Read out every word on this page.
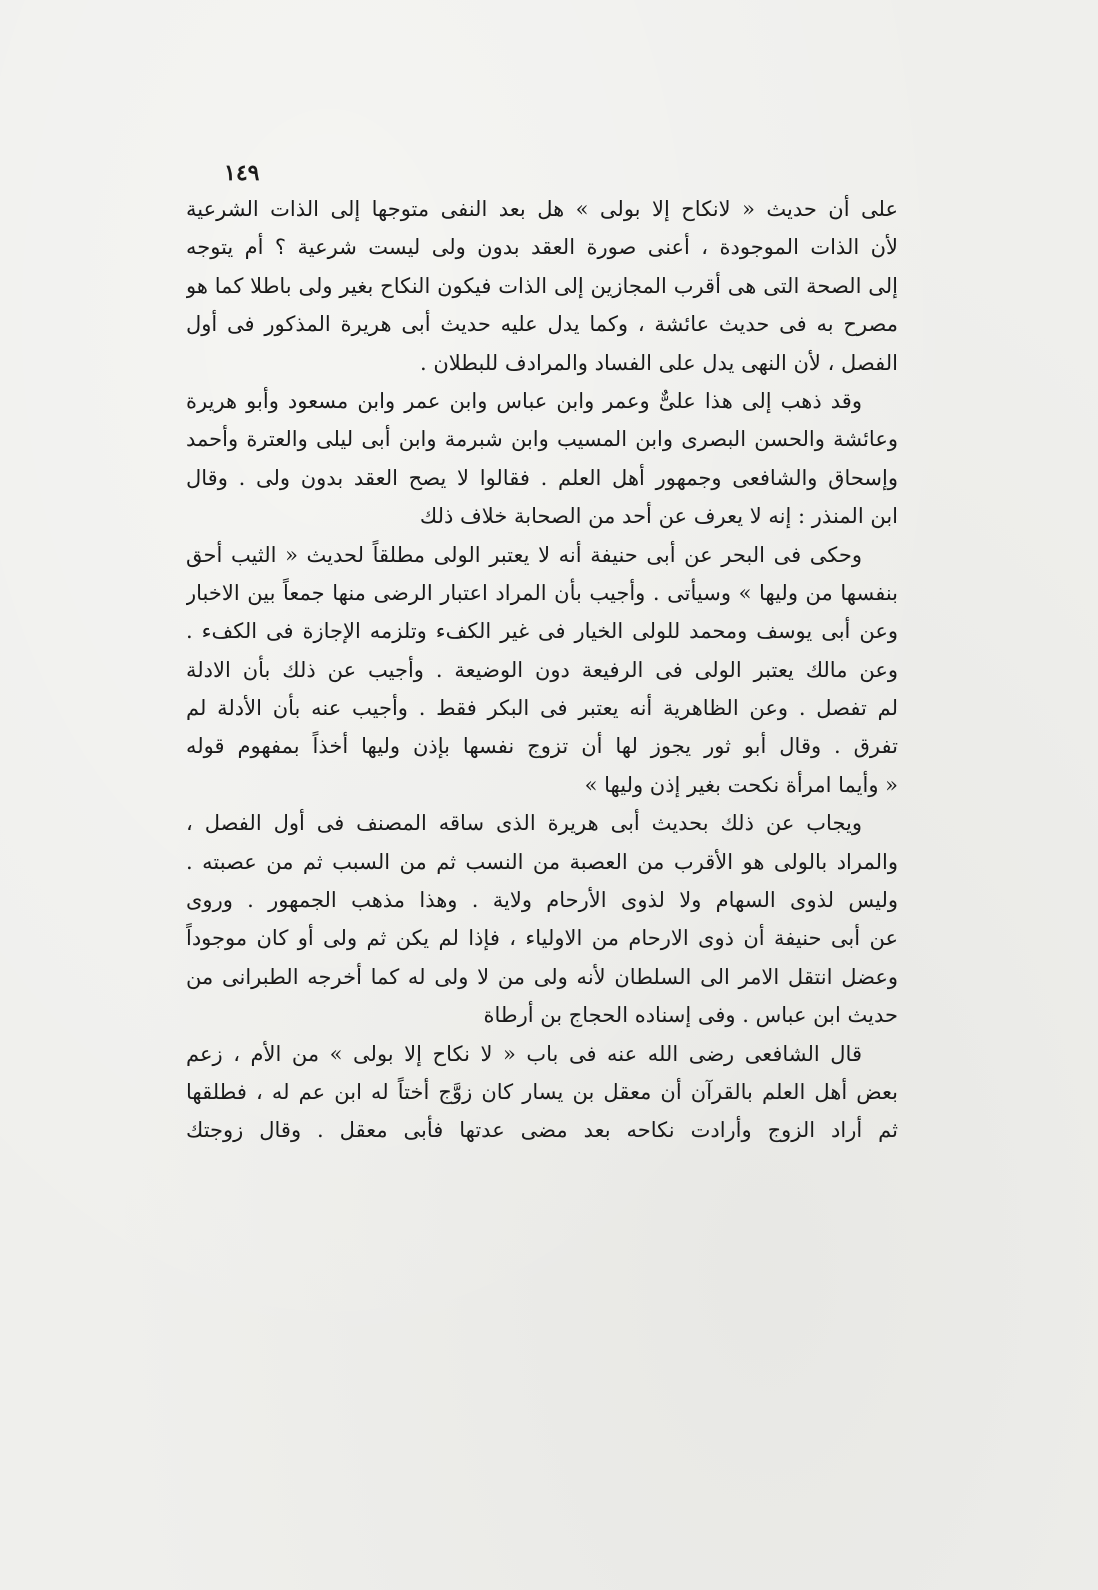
١٤٩
على أن حديث « لانكاح إلا بولى » هل بعد النفى متوجها إلى الذات الشرعية
لأن الذات الموجودة ، أعنى صورة العقد بدون ولى ليست شرعية ؟ أم يتوجه
إلى الصحة التى هى أقرب المجازين إلى الذات فيكون النكاح بغير ولى باطلا كما هو
مصرح به فى حديث عائشة ، وكما يدل عليه حديث أبى هريرة المذكور فى أول
الفصل ، لأن النهى يدل على الفساد والمرادف للبطلان .
وقد ذهب إلى هذا علىٌّ وعمر وابن عباس وابن عمر وابن مسعود وأبو هريرة
وعائشة والحسن البصرى وابن المسيب وابن شبرمة وابن أبى ليلى والعترة وأحمد
وإسحاق والشافعى وجمهور أهل العلم . فقالوا لا يصح العقد بدون ولى . وقال
ابن المنذر : إنه لا يعرف عن أحد من الصحابة خلاف ذلك
وحكى فى البحر عن أبى حنيفة أنه لا يعتبر الولى مطلقاً لحديث « الثيب أحق
بنفسها من وليها » وسيأتى . وأجيب بأن المراد اعتبار الرضى منها جمعاً بين الاخبار
وعن أبى يوسف ومحمد للولى الخيار فى غير الكفء وتلزمه الإجازة فى الكفء .
وعن مالك يعتبر الولى فى الرفيعة دون الوضيعة . وأجيب عن ذلك بأن الادلة
لم تفصل . وعن الظاهرية أنه يعتبر فى البكر فقط . وأجيب عنه بأن الأدلة لم
تفرق . وقال أبو ثور يجوز لها أن تزوج نفسها بإذن وليها أخذاً بمفهوم قوله
« وأيما امرأة نكحت بغير إذن وليها »
ويجاب عن ذلك بحديث أبى هريرة الذى ساقه المصنف فى أول الفصل ،
والمراد بالولى هو الأقرب من العصبة من النسب ثم من السبب ثم من عصبته .
وليس لذوى السهام ولا لذوى الأرحام ولاية . وهذا مذهب الجمهور . وروى
عن أبى حنيفة أن ذوى الارحام من الاولياء ، فإذا لم يكن ثم ولى أو كان موجوداً
وعضل انتقل الامر الى السلطان لأنه ولى من لا ولى له كما أخرجه الطبرانى من
حديث ابن عباس . وفى إسناده الحجاج بن أرطاة
قال الشافعى رضى الله عنه فى باب « لا نكاح إلا بولى » من الأم ، زعم
بعض أهل العلم بالقرآن أن معقل بن يسار كان زوَّج أختاً له ابن عم له ، فطلقها
ثم أراد الزوج وأرادت نكاحه بعد مضى عدتها فأبى معقل . وقال زوجتك
